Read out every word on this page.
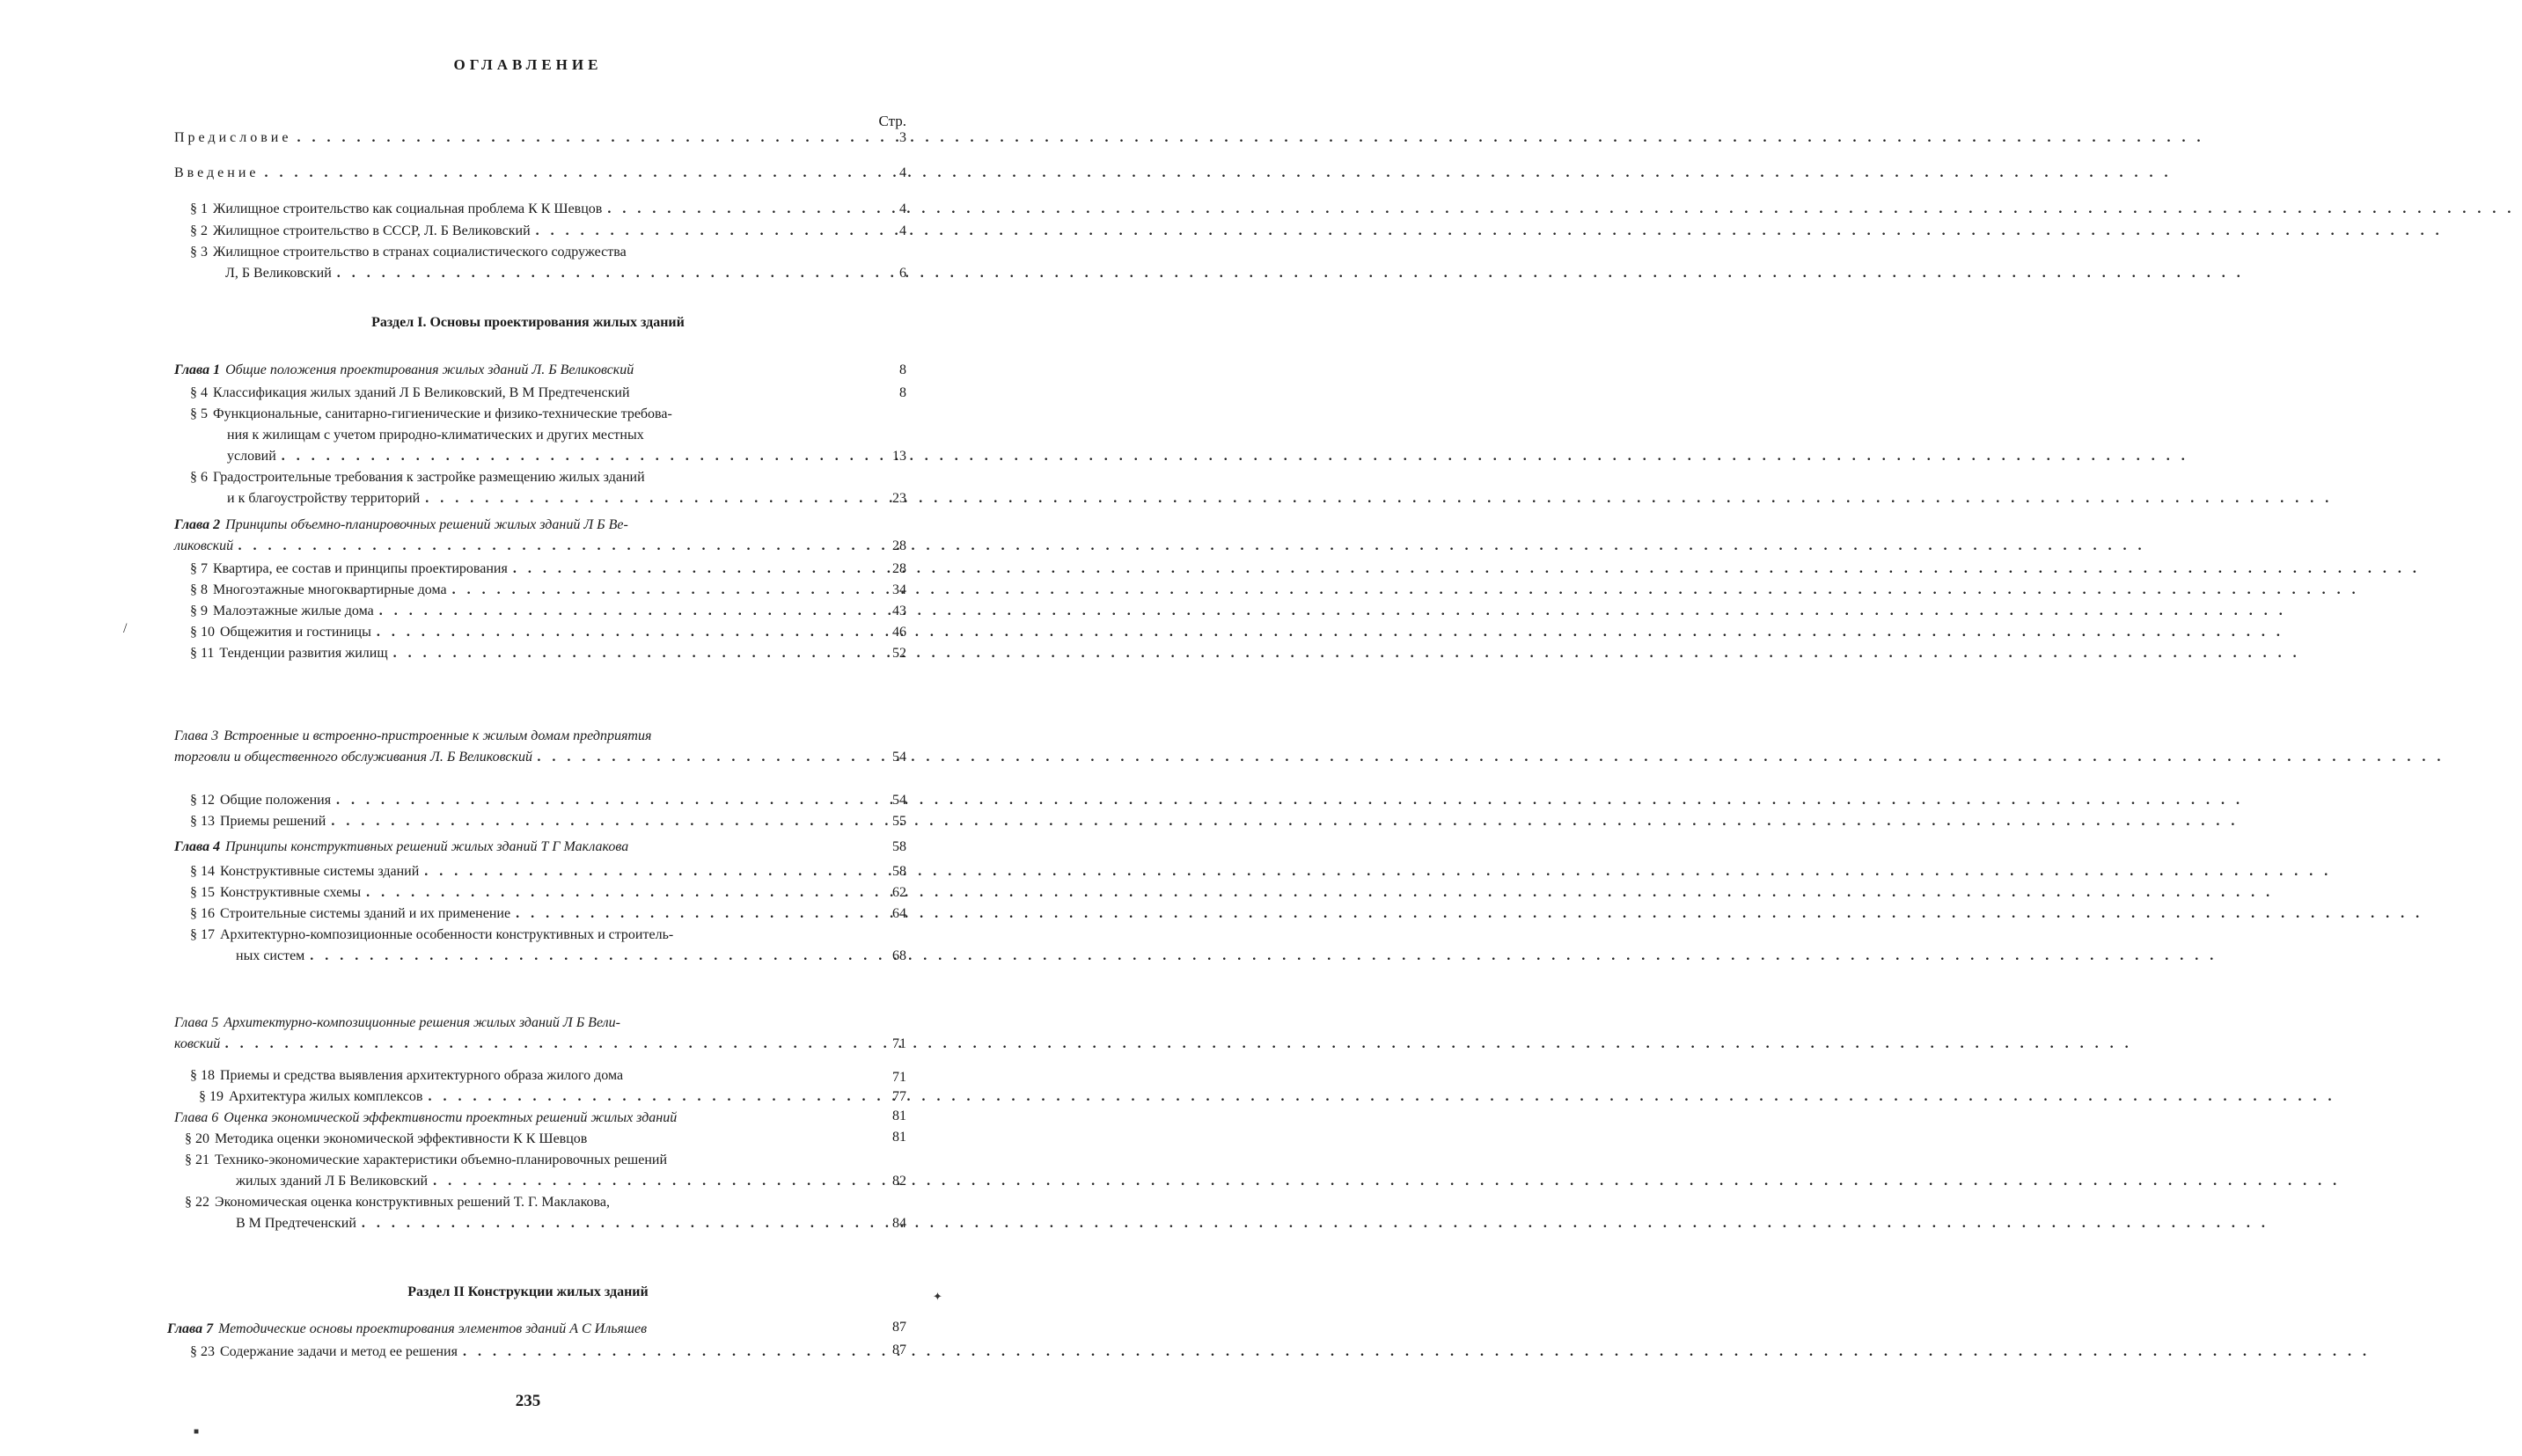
ОГЛАВЛЕНИЕ
Стр.
Предисловие .....	3
Введение .....	4
§ 1 Жилищное строительство как социальная проблема К К Шевцов .....	4
§ 2 Жилищное строительство в СССР, Л. Б Великовский .....	4
§ 3 Жилищное строительство в странах социалистического содружества
Л, Б Великовский .....	6
Раздел I. Основы проектирования жилых зданий
Глава 1 Общие положения проектирования жилых зданий Л. Б Великовский	8
§ 4 Классификация жилых зданий Л Б Великовский, В М Предтеченский	8
§ 5 Функциональные, санитарно-гигиенические и физико-технические требова-
ния к жилищам с учетом природно-климатических и других местных
условий .....	13
§ 6 Градостроительные требования к застройке размещению жилых зданий
и к благоустройству территорий .....	23
Глава 2 Принципы объемно-планировочных решений жилых зданий Л Б Ве-
ликовский .....	28
§ 7 Квартира, ее состав и принципы проектирования .....	28
§ 8 Многоэтажные многоквартирные дома .....	34
§ 9 Малоэтажные жилые дома .....	43
§ 10 Общежития и гостиницы .....	46
§ 11 Тенденции развития жилищ .....	52
Глава 3 Встроенные и встроенно-пристроенные к жилым домам предприятия
торговли и общественного обслуживания Л. Б Великовский .....	54
§ 12 Общие положения .....	54
§ 13 Приемы решений .....	55
Глава 4 Принципы конструктивных решений жилых зданий Т Г Маклакова	58
§ 14 Конструктивные системы зданий .....	58
§ 15 Конструктивные схемы .....	62
§ 16 Строительные системы зданий и их применение .....	64
§ 17 Архитектурно-композиционные особенности конструктивных и строитель-
ных систем .....	68
Глава 5 Архитектурно-композиционные решения жилых зданий Л Б Вели-
ковский .....	71
§ 18 Приемы и средства выявления архитектурного образа жилого дома	71
§ 19 Архитектура жилых комплексов .....	77
Глава 6 Оценка экономической эффективности проектных решений жилых зданий	81
§ 20 Методика оценки экономической эффективности К К Шевцов	81
§ 21 Технико-экономические характеристики объемно-планировочных решений
жилых зданий Л Б Великовский .....	82
§ 22 Экономическая оценка конструктивных решений Т. Г. Маклакова,
В М Предтеченский .....	84
Раздел II Конструкции жилых зданий
Глава 7 Методические основы проектирования элементов зданий А С Ильяшев	87
§ 23 Содержание задачи и метод ее решения .....	87
235
/
✦
■
